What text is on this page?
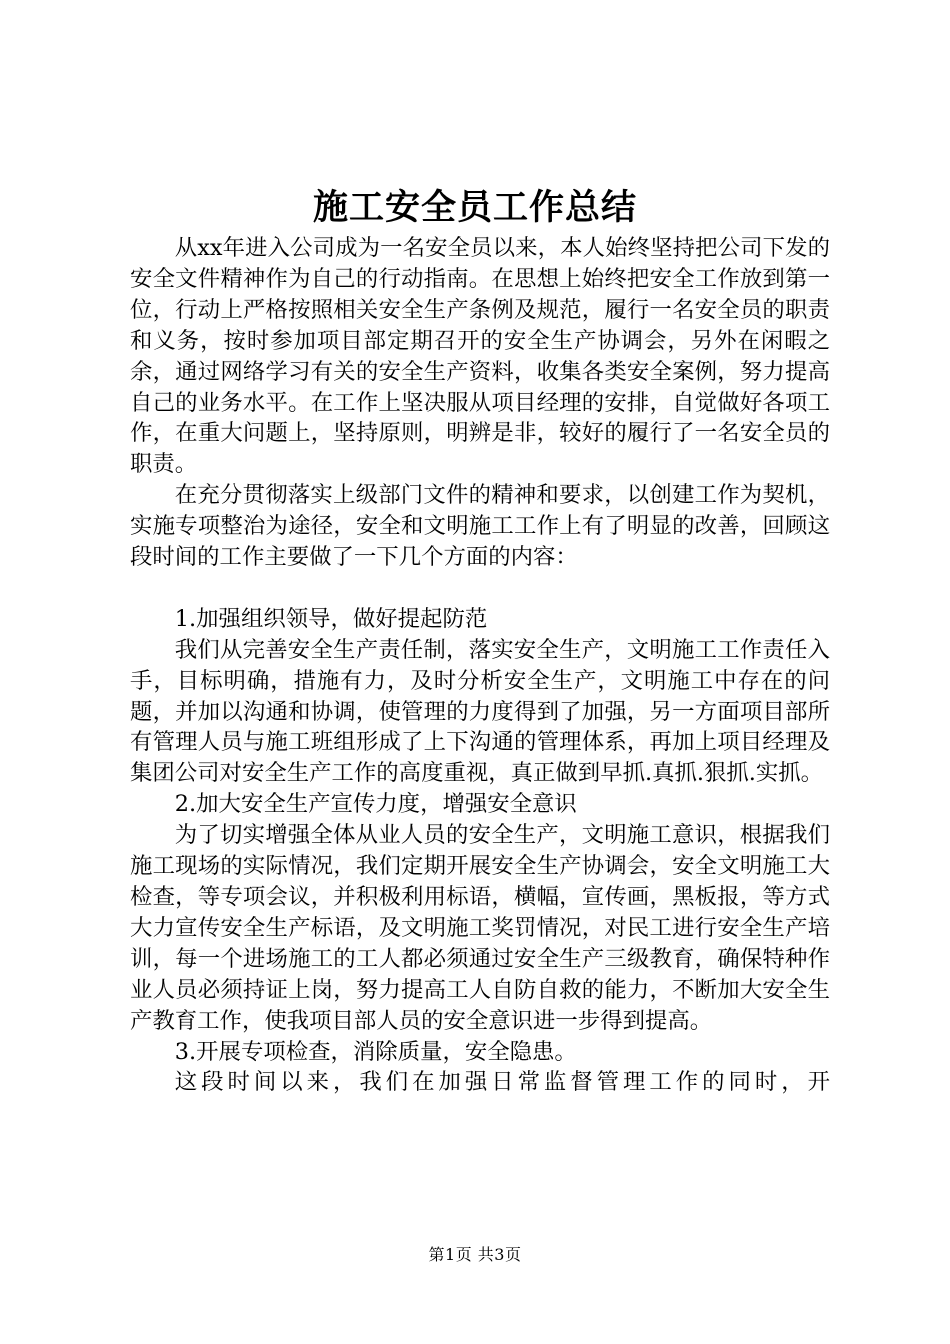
施工安全员工作总结

从xx年进入公司成为一名安全员以来，本人始终坚持把公司下发的安全文件精神作为自己的行动指南。在思想上始终把安全工作放到第一位，行动上严格按照相关安全生产条例及规范，履行一名安全员的职责和义务，按时参加项目部定期召开的安全生产协调会，另外在闲暇之余，通过网络学习有关的安全生产资料，收集各类安全案例，努力提高自己的业务水平。在工作上坚决服从项目经理的安排，自觉做好各项工作，在重大问题上，坚持原则，明辨是非，较好的履行了一名安全员的职责。

在充分贯彻落实上级部门文件的精神和要求，以创建工作为契机，实施专项整治为途径，安全和文明施工工作上有了明显的改善，回顾这段时间的工作主要做了一下几个方面的内容：

1.加强组织领导，做好提起防范

我们从完善安全生产责任制，落实安全生产，文明施工工作责任入手，目标明确，措施有力，及时分析安全生产，文明施工中存在的问题，并加以沟通和协调，使管理的力度得到了加强，另一方面项目部所有管理人员与施工班组形成了上下沟通的管理体系，再加上项目经理及集团公司对安全生产工作的高度重视，真正做到早抓.真抓.狠抓.实抓。

2.加大安全生产宣传力度，增强安全意识

为了切实增强全体从业人员的安全生产，文明施工意识，根据我们施工现场的实际情况，我们定期开展安全生产协调会，安全文明施工大检查，等专项会议，并积极利用标语，横幅，宣传画，黑板报，等方式大力宣传安全生产标语，及文明施工奖罚情况，对民工进行安全生产培训，每一个进场施工的工人都必须通过安全生产三级教育，确保特种作业人员必须持证上岗，努力提高工人自防自救的能力，不断加大安全生产教育工作，使我项目部人员的安全意识进一步得到提高。

3.开展专项检查，消除质量，安全隐患。

这段时间以来，我们在加强日常监督管理工作的同时，开

第1页 共3页
